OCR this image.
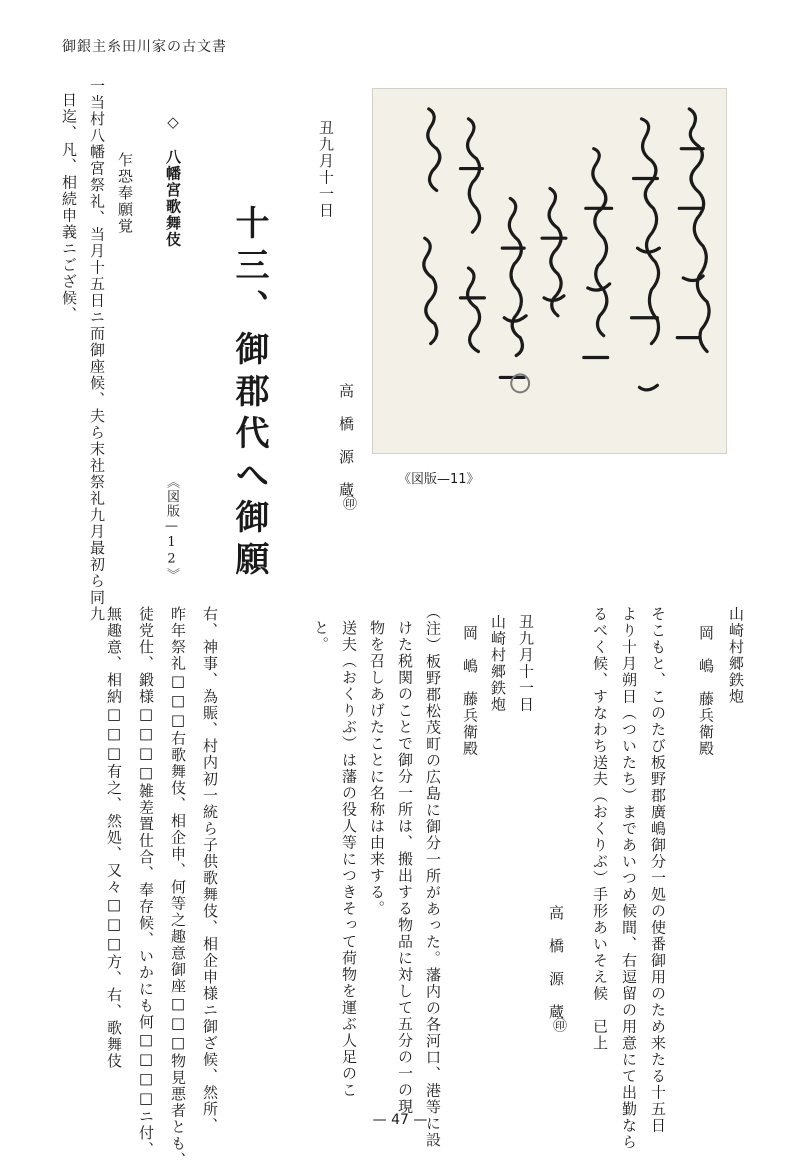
御銀主糸田川家の古文書
《図版—11》
丑九月十一日
高　橋　源　蔵
㊞
十三、御郡代へ御願
◇　八幡宮歌舞伎
《図版—12》
乍恐奉願覚
一当村八幡宮祭礼、当月十五日ニ而御座候、夫ら末社祭礼九月最初ら同九
日迄、凡、相続申義ニござ候、
右、神事、為賑、村内初一統ら子供歌舞伎、相企申様ニ御ざ候、然所、
昨年祭礼□□□右歌舞伎、相企申、何等之趣意御座□□□物見悪者とも、
徒党仕、鍛様□□□□雑差置仕合、奉存候、いかにも何□□□□ニ付、
無趣意、相納□□□有之、然処、又々□□□方、右、歌舞伎	山崎村郷鉄炮
岡　嶋　藤兵衛殿
そこもと、このたび板野郡廣嶋御分一処の使番御用のため来たる十五日
より十月朔日（ついたち）まであいつめ候間、右逗留の用意にて出勤なら
るべく候、すなわち送夫（おくりぶ）手形あいそえ候　已上
高　橋　源　蔵
㊞
丑九月十一日
山崎村郷鉄炮
岡　嶋　藤兵衛殿
（注）板野郡松茂町の広島に御分一所があった。藩内の各河口、港等に設
けた税関のことで御分一所は、搬出する物品に対して五分の一の現
物を召しあげたことに名称は由来する。
送夫（おくりぶ）は藩の役人等につきそって荷物を運ぶ人足のこ
と。
— 47 —
